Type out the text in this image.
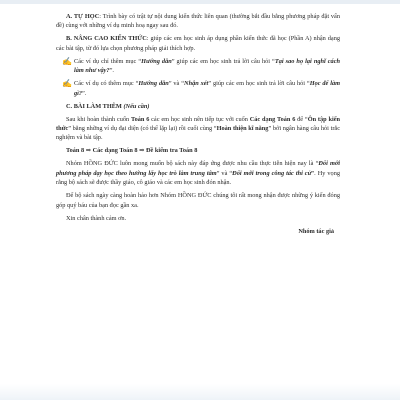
A. TỰ HỌC: Trình bày có trật tự nội dung kiến thức liên quan (thường bắt đầu bằng phương pháp đặt vấn đề) cùng với những ví dụ minh hoạ ngay sau đó.

B. NÂNG CAO KIẾN THỨC: giúp các em học sinh áp dụng phần kiến thức đã học (Phần A) nhận dạng các bài tập, từ đó lựa chọn phương pháp giải thích hợp.

✍ Các ví dụ chỉ thêm mục “Hướng dẫn” giúp các em học sinh trả lời câu hỏi “Tại sao họ lại nghĩ cách làm như vậy?”.

✍ Các ví dụ có thêm mục “Hướng dẫn” và “Nhận xét” giúp các em học sinh trả lời câu hỏi “Học để làm gì?”.

C. BÀI LÀM THÊM (Nếu cần)

Sau khi hoàn thành cuốn Toán 6 các em học sinh nên tiếp tục với cuốn Các dạng Toán 6 để “Ôn tập kiến thức” bằng những ví dụ đại diện (có thể lặp lại) rồi cuối cùng “Hoàn thiện kĩ năng” bởi ngân hàng câu hỏi trắc nghiệm và bài tập.

Toán 8 ⇒ Các dạng Toán 8 ⇒ Đề kiểm tra Toán 8

Nhóm HỒNG ĐỨC luôn mong muốn bộ sách này đáp ứng được nhu cầu thực tiễn hiện nay là “Đổi mới phương pháp dạy học theo hướng lấy học trò làm trung tâm” và “Đổi mới trong công tác thi cử”. Hy vọng rằng bộ sách sẽ được thầy giáo, cô giáo và các em học sinh đón nhận.

Để bộ sách ngày càng hoàn hảo hơn Nhóm HỒNG ĐỨC chúng tôi rất mong nhận được những ý kiến đóng góp quý báu của bạn đọc gần xa.

Xin chân thành cảm ơn.

Nhóm tác giả
